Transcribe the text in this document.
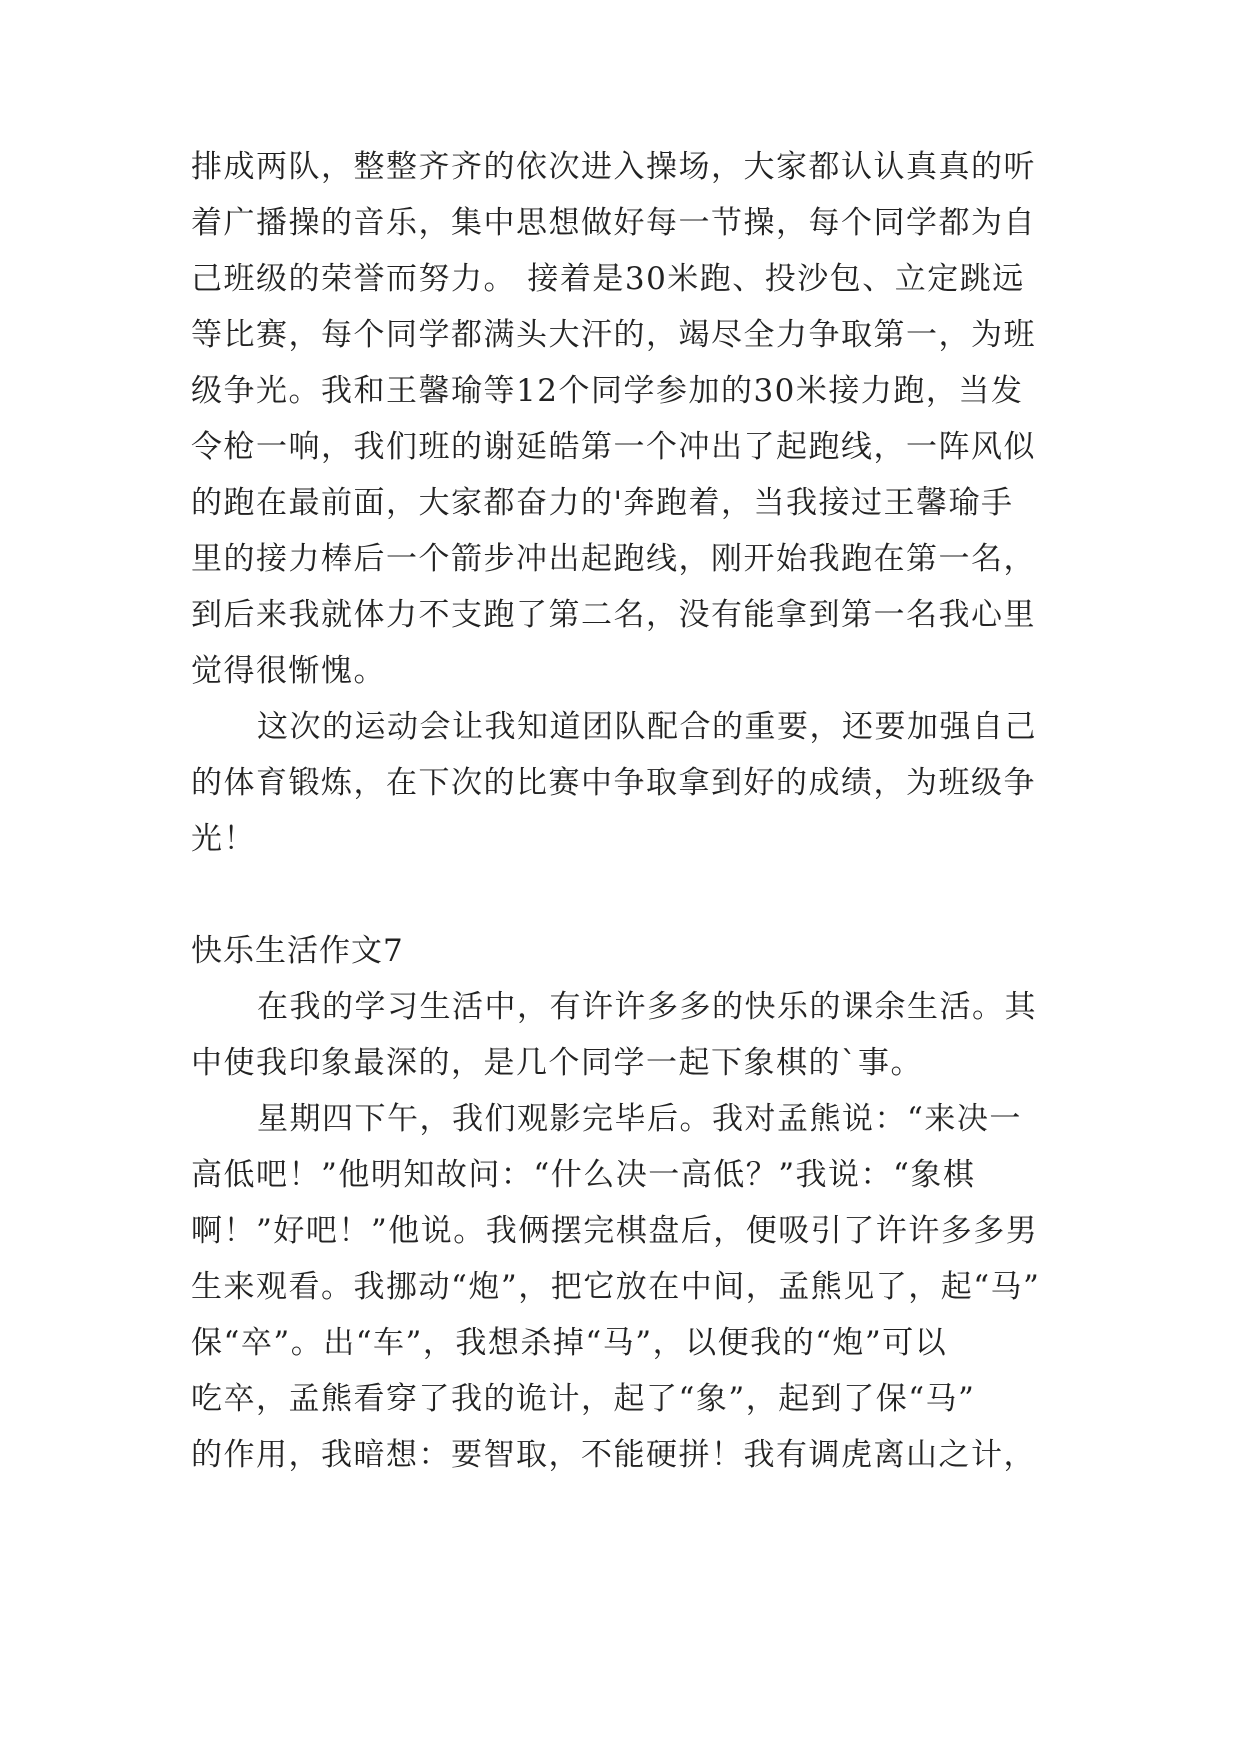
排成两队，整整齐齐的依次进入操场，大家都认认真真的听
着广播操的音乐，集中思想做好每一节操，每个同学都为自
己班级的荣誉而努力。 接着是30米跑、投沙包、立定跳远
等比赛，每个同学都满头大汗的，竭尽全力争取第一，为班
级争光。我和王馨瑜等12个同学参加的30米接力跑，当发
令枪一响，我们班的谢延皓第一个冲出了起跑线，一阵风似
的跑在最前面，大家都奋力的'奔跑着，当我接过王馨瑜手
里的接力棒后一个箭步冲出起跑线，刚开始我跑在第一名，
到后来我就体力不支跑了第二名，没有能拿到第一名我心里
觉得很惭愧。
这次的运动会让我知道团队配合的重要，还要加强自己
的体育锻炼，在下次的比赛中争取拿到好的成绩，为班级争
光！
快乐生活作文7
在我的学习生活中，有许许多多的快乐的课余生活。其
中使我印象最深的，是几个同学一起下象棋的`事。
星期四下午，我们观影完毕后。我对孟熊说：“来决一
高低吧！”他明知故问：“什么决一高低？”我说：“象棋
啊！”好吧！”他说。我俩摆完棋盘后，便吸引了许许多多男
生来观看。我挪动“炮”，把它放在中间，孟熊见了，起“马”
保“卒”。出“车”，我想杀掉“马”，以便我的“炮”可以
吃卒，孟熊看穿了我的诡计，起了“象”，起到了保“马”
的作用，我暗想：要智取，不能硬拼！我有调虎离山之计，
